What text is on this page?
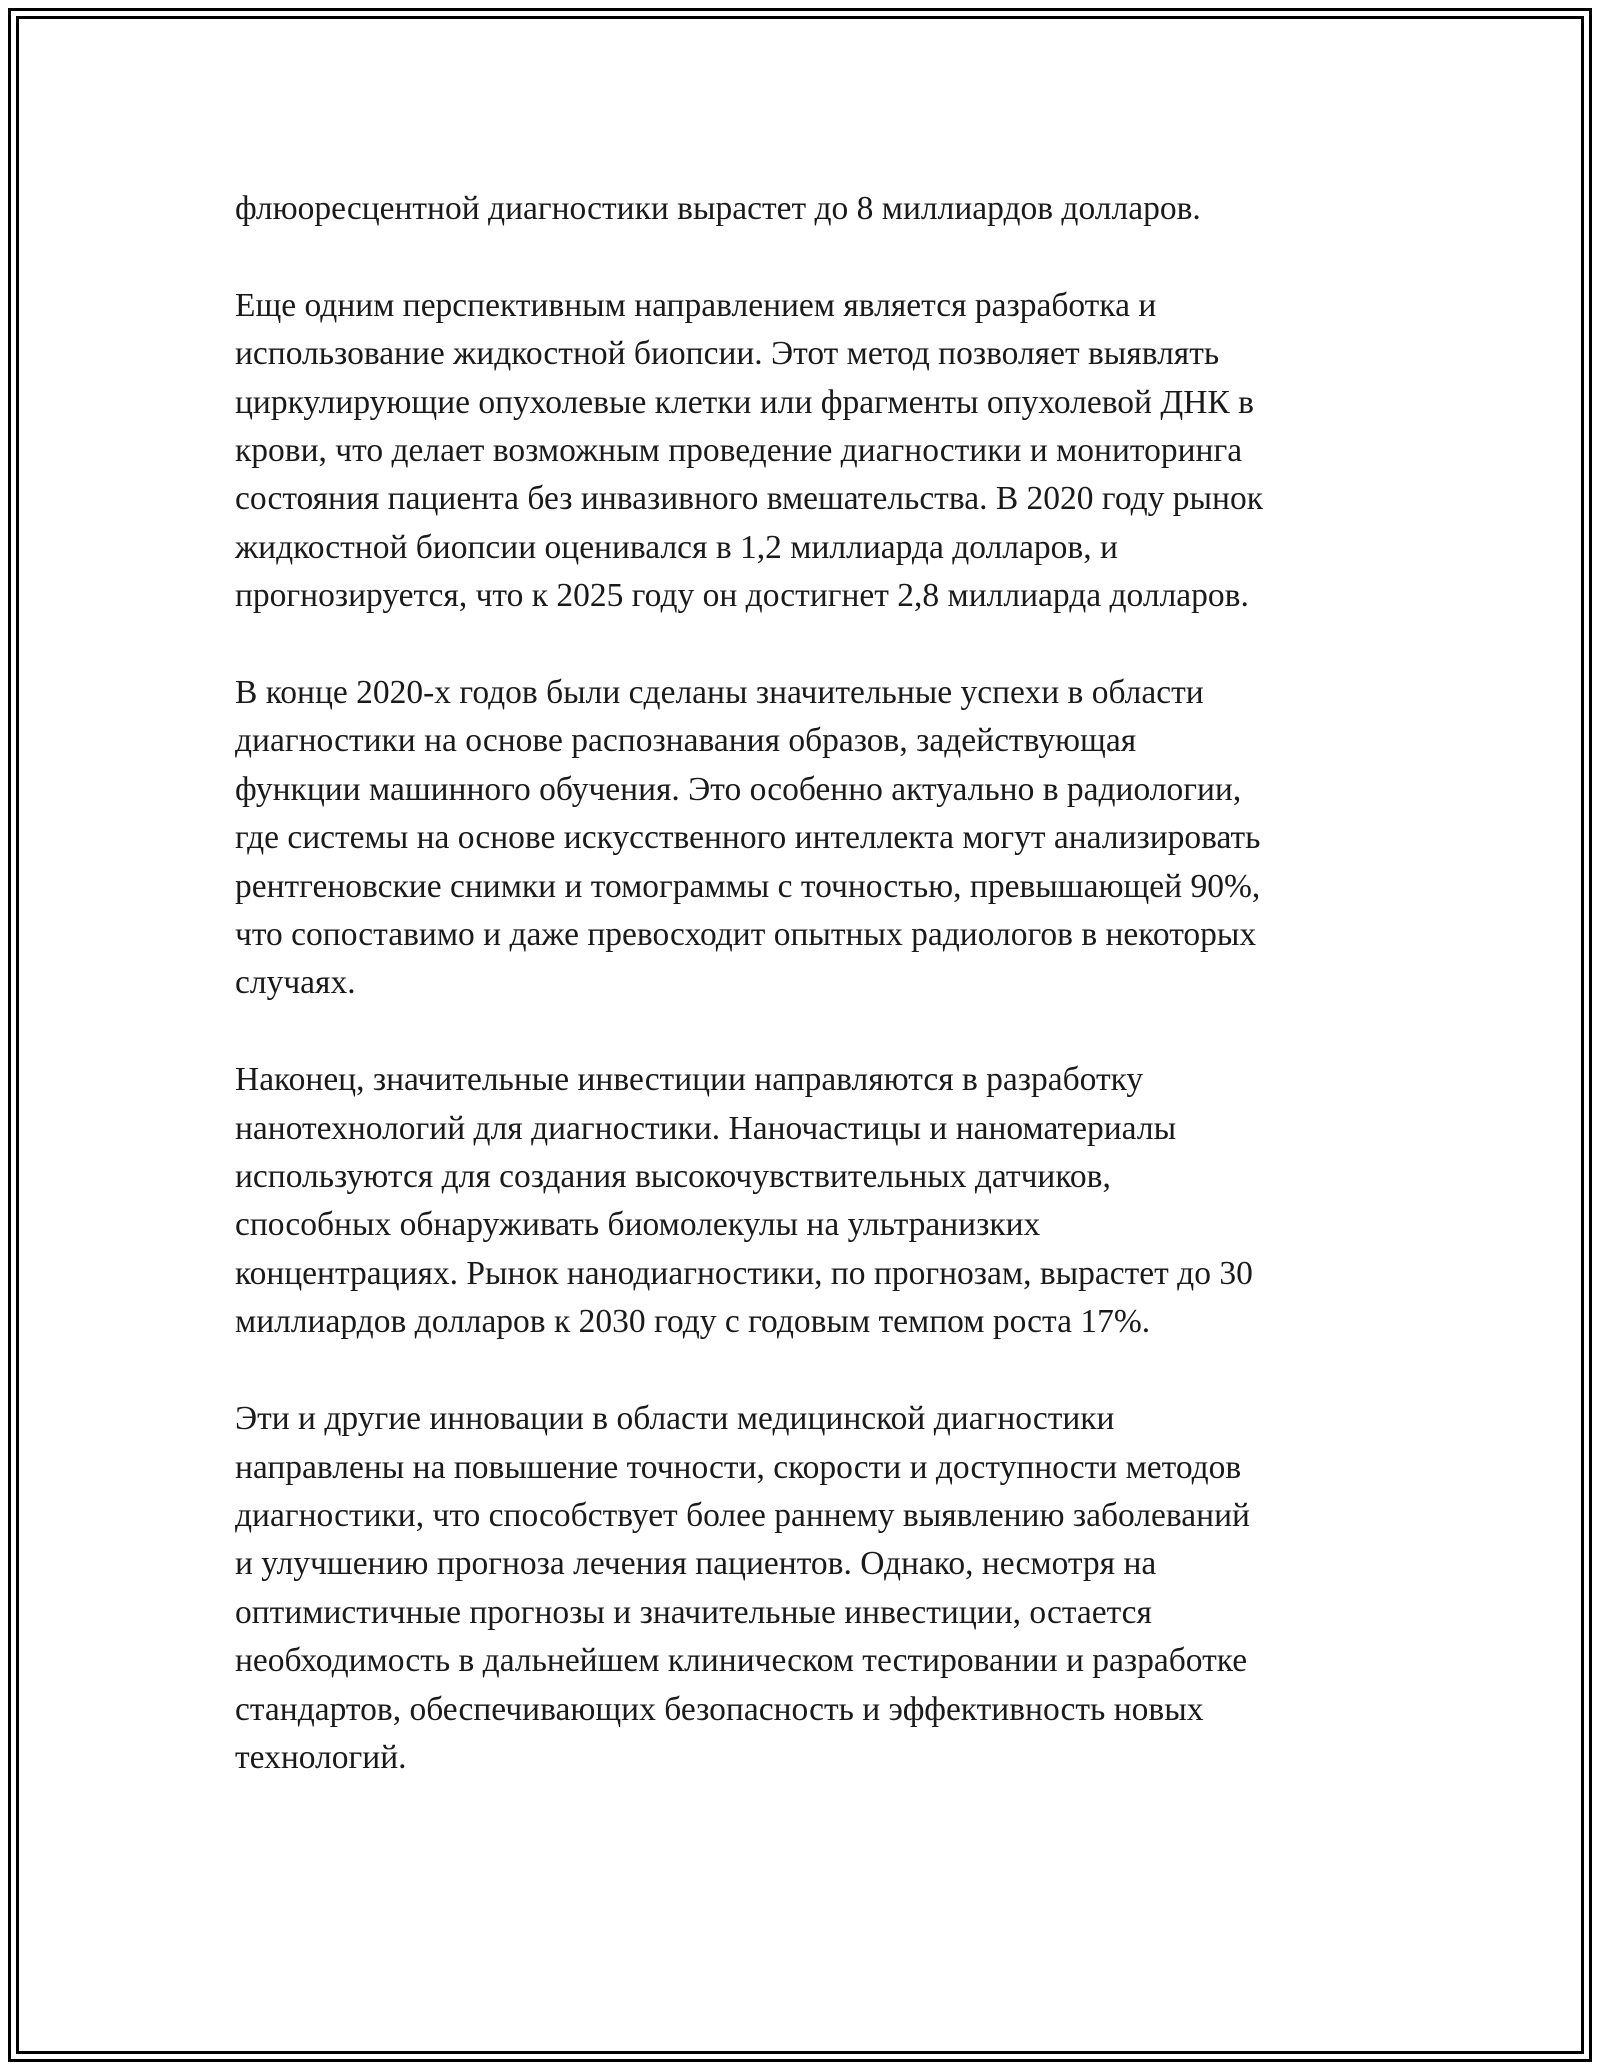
флюоресцентной диагностики вырастет до 8 миллиардов долларов.

Еще одним перспективным направлением является разработка и
использование жидкостной биопсии. Этот метод позволяет выявлять
циркулирующие опухолевые клетки или фрагменты опухолевой ДНК в
крови, что делает возможным проведение диагностики и мониторинга
состояния пациента без инвазивного вмешательства. В 2020 году рынок
жидкостной биопсии оценивался в 1,2 миллиарда долларов, и
прогнозируется, что к 2025 году он достигнет 2,8 миллиарда долларов.

В конце 2020-х годов были сделаны значительные успехи в области
диагностики на основе распознавания образов, задействующая
функции машинного обучения. Это особенно актуально в радиологии,
где системы на основе искусственного интеллекта могут анализировать
рентгеновские снимки и томограммы с точностью, превышающей 90%,
что сопоставимо и даже превосходит опытных радиологов в некоторых
случаях.

Наконец, значительные инвестиции направляются в разработку
нанотехнологий для диагностики. Наночастицы и наноматериалы
используются для создания высокочувствительных датчиков,
способных обнаруживать биомолекулы на ультранизких
концентрациях. Рынок нанодиагностики, по прогнозам, вырастет до 30
миллиардов долларов к 2030 году с годовым темпом роста 17%.

Эти и другие инновации в области медицинской диагностики
направлены на повышение точности, скорости и доступности методов
диагностики, что способствует более раннему выявлению заболеваний
и улучшению прогноза лечения пациентов. Однако, несмотря на
оптимистичные прогнозы и значительные инвестиции, остается
необходимость в дальнейшем клиническом тестировании и разработке
стандартов, обеспечивающих безопасность и эффективность новых
технологий.
